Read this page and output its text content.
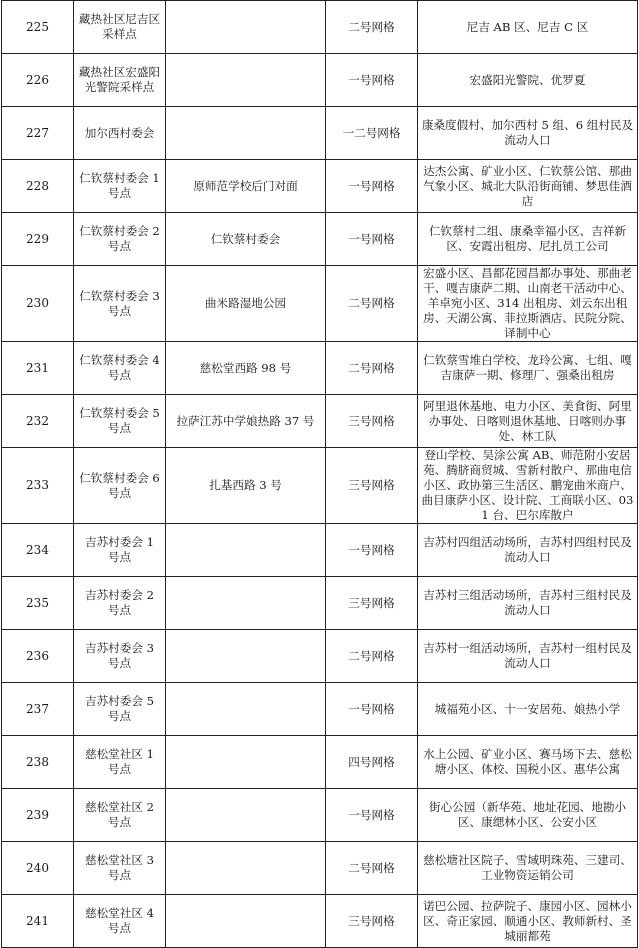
225	藏热社区尼吉区采样点		二号网格	尼吉 AB 区、尼吉 C 区
226	藏热社区宏盛阳光警院采样点		一号网格	宏盛阳光警院、优罗夏
227	加尔西村委会		一二号网格	康桑度假村、加尔西村 5 组、6 组村民及流动人口
228	仁钦蔡村委会 1 号点	原师范学校后门对面	一号网格	达杰公寓、矿业小区、仁钦蔡公馆、那曲气象小区、城北大队沿街商铺、梦思佳酒店
229	仁钦蔡村委会 2 号点	仁钦蔡村委会	一号网格	仁钦蔡村二组、康桑幸福小区、吉祥新区、安霞出租房、尼扎员工公司
230	仁钦蔡村委会 3 号点	曲米路湿地公园	二号网格	宏盛小区、昌都花园昌都办事处、那曲老干、嘎吉康萨二期、山南老干活动中心、羊卓宛小区、314 出租房、刘云东出租房、天湖公寓、菲拉斯酒店、民院分院、译制中心
231	仁钦蔡村委会 4 号点	慈松堂西路 98 号	二号网格	仁钦蔡雪堆白学校、龙玲公寓、七组、嘎吉康萨一期、修理厂、强桑出租房
232	仁钦蔡村委会 5 号点	拉萨江苏中学娘热路 37 号	三号网格	阿里退休基地、电力小区、美食街、阿里办事处、日喀则退休基地、日喀则办事处、林工队
233	仁钦蔡村委会 6 号点	扎基西路 3 号	三号网格	登山学校、吴涂公寓 AB、师范附小安居苑、腾脐商贸城、雪新村散户、那曲电信小区、政协第三生活区、鹏宠曲米商户、曲目康萨小区、设计院、工商联小区、031 台、巴尔库散户
234	吉苏村委会 1 号点		一号网格	吉苏村四组活动场所，吉苏村四组村民及流动人口
235	吉苏村委会 2 号点		三号网格	吉苏村三组活动场所，吉苏村三组村民及流动人口
236	吉苏村委会 3 号点		二号网格	吉苏村一组活动场所，吉苏村一组村民及流动人口
237	吉苏村委会 5 号点		一号网格	城福苑小区、十一安居苑、娘热小学
238	慈松堂社区 1 号点		四号网格	水上公园、矿业小区、赛马场下去、慈松塘小区、体校、国税小区、惠华公寓
239	慈松堂社区 2 号点		一号网格	街心公园（新华苑、地址花园、地勘小区、康缌林小区、公安小区
240	慈松堂社区 3 号点		二号网格	慈松塘社区院子、雪域明珠苑、三建司、工业物资运销公司
241	慈松堂社区 4 号点		三号网格	诺巴公园、拉萨院子、康园小区、园林小区、奇正家园、顺通小区、教师新村、圣城丽都苑
